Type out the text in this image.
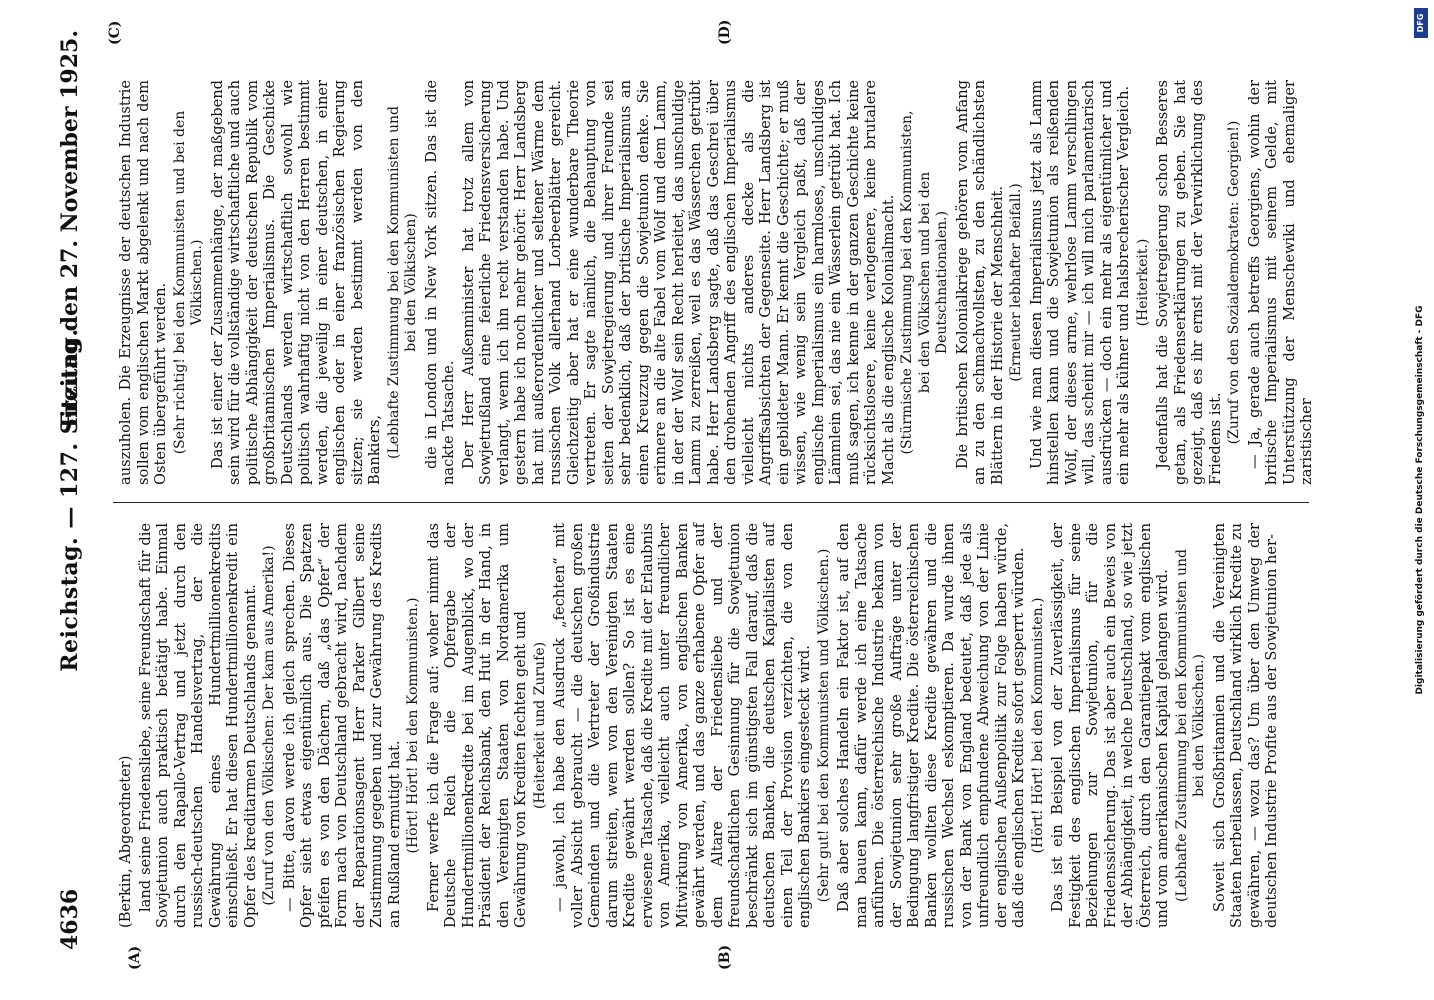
4636
Reichstag. — 127. Sitzung.
Freitag den 27. November 1925.
(A)	(B)
(C)	(D)

(Berkin, Abgeordneter) land seine Friedensliebe, seine Freundschaft für die Sowjetunion auch praktisch betätigt habe. Einmal durch den Rapallo-Vertrag und jetzt durch den russisch-deutschen Handelsvertrag, der die Gewährung eines Hundertmillionenkredits einschließt. Er hat diesen Hundertmillionenkredit ein Opfer des kreditarmen Deutschlands genannt. (Zuruf von den Völkischen: Der kam aus Amerika!) — Bitte, davon werde ich gleich sprechen. Dieses Opfer sieht etwas eigentümlich aus. Die Spatzen pfeifen es von den Dächern, daß „das Opfer“ der Form nach von Deutschland gebracht wird, nachdem der Reparationsagent Herr Parker Gilbert seine Zustimmung gegeben und zur Gewährung des Kredits an Rußland ermutigt hat. (Hört! Hört! bei den Kommunisten.) Ferner werfe ich die Frage auf: woher nimmt das Deutsche Reich die Opfergabe der Hundertmillionenkredite bei im Augenblick, wo der Präsident der Reichsbank, den Hut in der Hand, in den Vereinigten Staaten von Nordamerika um Gewährung von Krediten fechten geht und (Heiterkeit und Zurufe) — jawohl, ich habe den Ausdruck „fechten“ mit voller Absicht gebraucht — die deutschen großen Gemeinden und die Vertreter der Großindustrie darum streiten, wem von den Vereinigten Staaten Kredite gewährt werden sollen? So ist es eine erwiesene Tatsache, daß die Kredite mit der Erlaubnis von Amerika, vielleicht auch unter freundlicher Mitwirkung von Amerika, von englischen Banken gewährt werden, und das ganze erhabene Opfer auf dem Altare der Friedensliebe und der freundschaftlichen Gesinnung für die Sowjetunion beschränkt sich im günstigsten Fall darauf, daß die deutschen Banken, die deutschen Kapitalisten auf einen Teil der Provision verzichten, die von den englischen Bankiers eingesteckt wird. (Sehr gut! bei den Kommunisten und Völkischen.) Daß aber solches Handeln ein Faktor ist, auf den man bauen kann, dafür werde ich eine Tatsache anführen. Die österreichische Industrie bekam von der Sowjetunion sehr große Aufträge unter der Bedingung langfristiger Kredite. Die österreichischen Banken wollten diese Kredite gewähren und die russischen Wechsel eskomptieren. Da wurde ihnen von der Bank von England bedeutet, daß jede als unfreundlich empfundene Abweichung von der Linie der englischen Außenpolitik zur Folge haben würde, daß die englischen Kredite sofort gesperrt würden. (Hört! Hört! bei den Kommunisten.) Das ist ein Beispiel von der Zuverlässigkeit, der Festigkeit des englischen Imperialismus für seine Beziehungen zur Sowjetunion, für die Friedenssicherung. Das ist aber auch ein Beweis von der Abhängigkeit, in welche Deutschland, so wie jetzt Österreich, durch den Garantiepakt vom englischen und vom amerikanischen Kapital gelangen wird. (Lebhafte Zustimmung bei den Kommunisten und bei den Völkischen.) Soweit sich Großbritannien und die Vereinigten Staaten herbeilassen, Deutschland wirklich Kredite zu gewähren, — wozu das? Um über den Umweg der deutschen Industrie Profite aus der Sowjetunion her-

auszuholen. Die Erzeugnisse der deutschen Industrie sollen vom englischen Markt abgelenkt und nach dem Osten übergeführt werden. (Sehr richtig! bei den Kommunisten und bei den Völkischen.) Das ist einer der Zusammenhänge, der maßgebend sein wird für die vollständige wirtschaftliche und auch politische Abhängigkeit der deutschen Republik vom großbritannischen Imperialismus. Die Geschicke Deutschlands werden wirtschaftlich sowohl wie politisch wahrhaftig nicht von den Herren bestimmt werden, die jeweilig in einer deutschen, in einer englischen oder in einer französischen Regierung sitzen; sie werden bestimmt werden von den Bankiers, (Lebhafte Zustimmung bei den Kommunisten und bei den Völkischen) die in London und in New York sitzen. Das ist die nackte Tatsache. Der Herr Außenminister hat trotz allem von Sowjetrußland eine feierliche Friedensversicherung verlangt, wenn ich ihn recht verstanden habe. Und gestern habe ich noch mehr gehört: Herr Landsberg hat mit außerordentlicher und seltener Wärme dem russischen Volk allerhand Lorbeerblätter gereicht. Gleichzeitig aber hat er eine wunderbare Theorie vertreten. Er sagte nämlich, die Behauptung von seiten der Sowjetregierung und ihrer Freunde sei sehr bedenklich, daß der britische Imperialismus an einen Kreuzzug gegen die Sowjetunion denke. Sie erinnere an die alte Fabel vom Wolf und dem Lamm, in der der Wolf sein Recht herleitet, das unschuldige Lamm zu zerreißen, weil es das Wässerchen getrübt habe. Herr Landsberg sagte, daß das Geschrei über den drohenden Angriff des englischen Imperialismus vielleicht nichts anderes decke als die Angriffsabsichten der Gegenseite. Herr Landsberg ist ein gebildeter Mann. Er kennt die Geschichte; er muß wissen, wie wenig sein Vergleich paßt, daß der englische Imperialismus ein harmloses, unschuldiges Lämmlein sei, das nie ein Wässerlein getrübt hat. Ich muß sagen, ich kenne in der ganzen Geschichte keine rücksichtslosere, keine verlogenere, keine brutalere Macht als die englische Kolonialmacht. (Stürmische Zustimmung bei den Kommunisten, bei den Völkischen und bei den Deutschnationalen.) Die britischen Kolonialkriege gehören vom Anfang an zu den schmachvollsten, zu den schändlichsten Blättern in der Historie der Menschheit. (Erneuter lebhafter Beifall.) Und wie man diesen Imperialismus jetzt als Lamm hinstellen kann und die Sowjetunion als reißenden Wolf, der dieses arme, wehrlose Lamm verschlingen will, das scheint mir — ich will mich parlamentarisch ausdrücken — doch ein mehr als eigentümlicher und ein mehr als kühner und halsbrecherischer Vergleich. (Heiterkeit.) Jedenfalls hat die Sowjetregierung schon Besseres getan, als Friedenserklärungen zu geben. Sie hat gezeigt, daß es ihr ernst mit der Verwirklichung des Friedens ist. (Zuruf von den Sozialdemokraten: Georgien!) — Ja, gerade auch betreffs Georgiens, wohin der britische Imperialismus mit seinem Gelde, mit Unterstützung der Menschewiki und ehemaliger zaristischer	Digitalisierung gefördert durch die Deutsche Forschungsgemeinschaft - DFG
DFG
